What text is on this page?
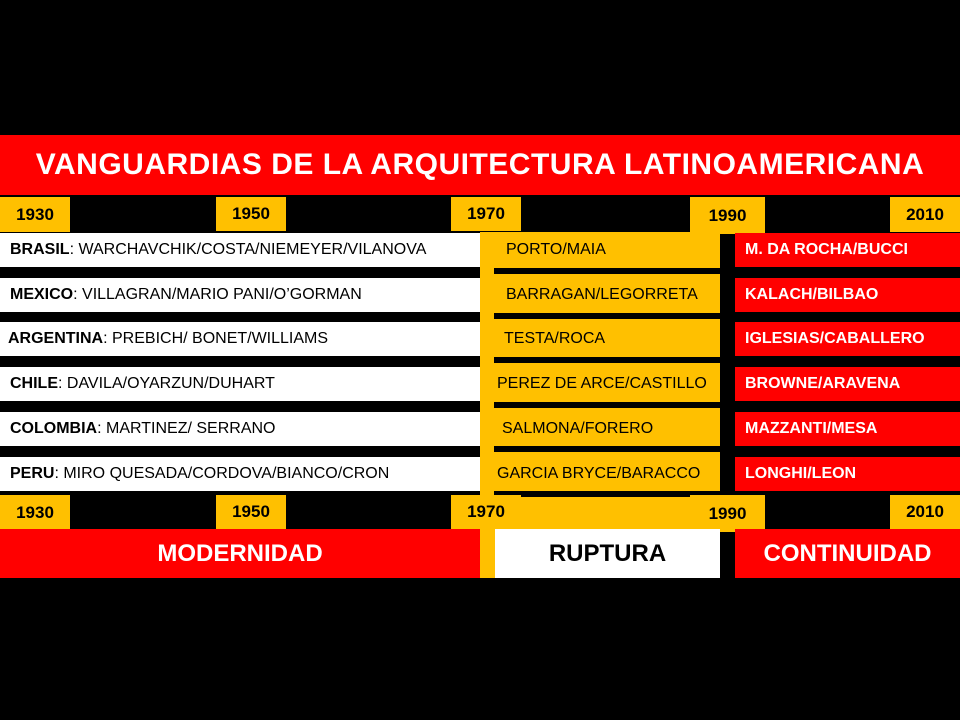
VANGUARDIAS DE LA ARQUITECTURA LATINOAMERICANA
1930	1950	1970	1990	2010
BRASIL : WARCHAVCHIK/COSTA/NIEMEYER/VILANOVA	PORTO/MAIA	M. DA ROCHA/BUCCI
MEXICO : VILLAGRAN/MARIO PANI/O’GORMAN	BARRAGAN/LEGORRETA	KALACH/BILBAO
ARGENTINA : PREBICH/ BONET/WILLIAMS	TESTA/ROCA	IGLESIAS/CABALLERO
CHILE : DAVILA/OYARZUN/DUHART	PEREZ DE ARCE/CASTILLO	BROWNE/ARAVENA
COLOMBIA : MARTINEZ/ SERRANO	SALMONA/FORERO	MAZZANTI/MESA
PERU : MIRO QUESADA/CORDOVA/BIANCO/CRON	GARCIA BRYCE/BARACCO	LONGHI/LEON
1930	1950	1970	1990	2010
MODERNIDAD	RUPTURA	CONTINUIDAD
